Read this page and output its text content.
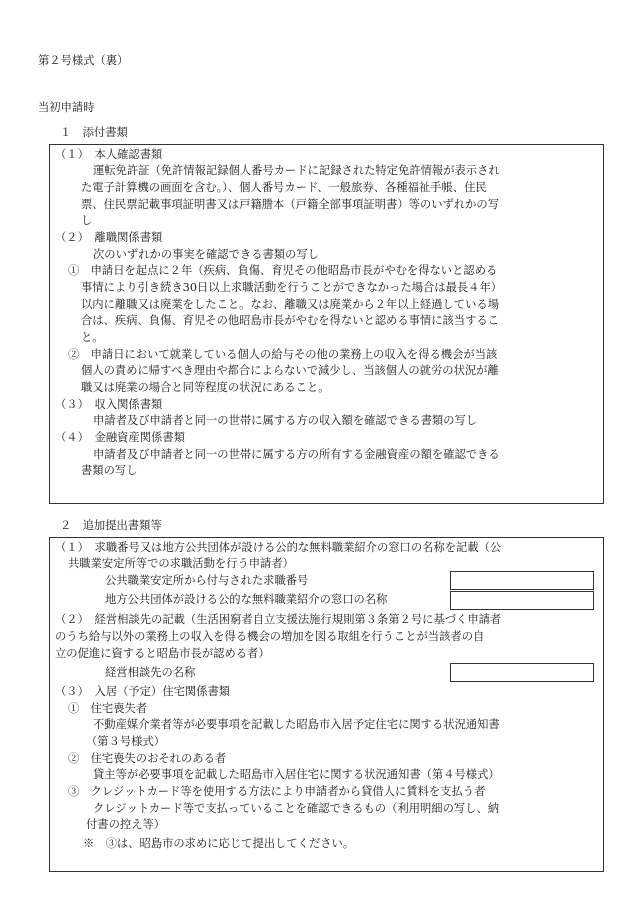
第２号様式（裏）
当初申請時
１　添付書類
（１）　本人確認書類
運転免許証（免許情報記録個人番号カードに記録された特定免許情報が表示され
た電子計算機の画面を含む。）、個人番号カード、一般旅券、各種福祉手帳、住民
票、住民票記載事項証明書又は戸籍謄本（戸籍全部事項証明書）等のいずれかの写
し
（２）　離職関係書類
次のいずれかの事実を確認できる書類の写し
①　申請日を起点に２年（疾病、負傷、育児その他昭島市長がやむを得ないと認める
事情により引き続き30日以上求職活動を行うことができなかった場合は最長４年）
以内に離職又は廃業をしたこと。なお、離職又は廃業から２年以上経過している場
合は、疾病、負傷、育児その他昭島市長がやむを得ないと認める事情に該当するこ
と。
②　申請日において就業している個人の給与その他の業務上の収入を得る機会が当該
個人の責めに帰すべき理由や都合によらないで減少し、当該個人の就労の状況が離
職又は廃業の場合と同等程度の状況にあること。
（３）　収入関係書類
申請者及び申請者と同一の世帯に属する方の収入額を確認できる書類の写し
（４）　金融資産関係書類
申請者及び申請者と同一の世帯に属する方の所有する金融資産の額を確認できる
書類の写し
２　追加提出書類等
（１）　求職番号又は地方公共団体が設ける公的な無料職業紹介の窓口の名称を記載（公
共職業安定所等での求職活動を行う申請者）
公共職業安定所から付与された求職番号
地方公共団体が設ける公的な無料職業紹介の窓口の名称
（２）　経営相談先の記載（生活困窮者自立支援法施行規則第３条第２号に基づく申請者
のうち給与以外の業務上の収入を得る機会の増加を図る取組を行うことが当該者の自
立の促進に資すると昭島市長が認める者）
経営相談先の名称
（３）　入居（予定）住宅関係書類
①　住宅喪失者
不動産媒介業者等が必要事項を記載した昭島市入居予定住宅に関する状況通知書
（第３号様式）
②　住宅喪失のおそれのある者
貸主等が必要事項を記載した昭島市入居住宅に関する状況通知書（第４号様式）
③　クレジットカード等を使用する方法により申請者から貸借人に賃料を支払う者
クレジットカード等で支払っていることを確認できるもの（利用明細の写し、納
付書の控え等）
※　③は、昭島市の求めに応じて提出してください。
